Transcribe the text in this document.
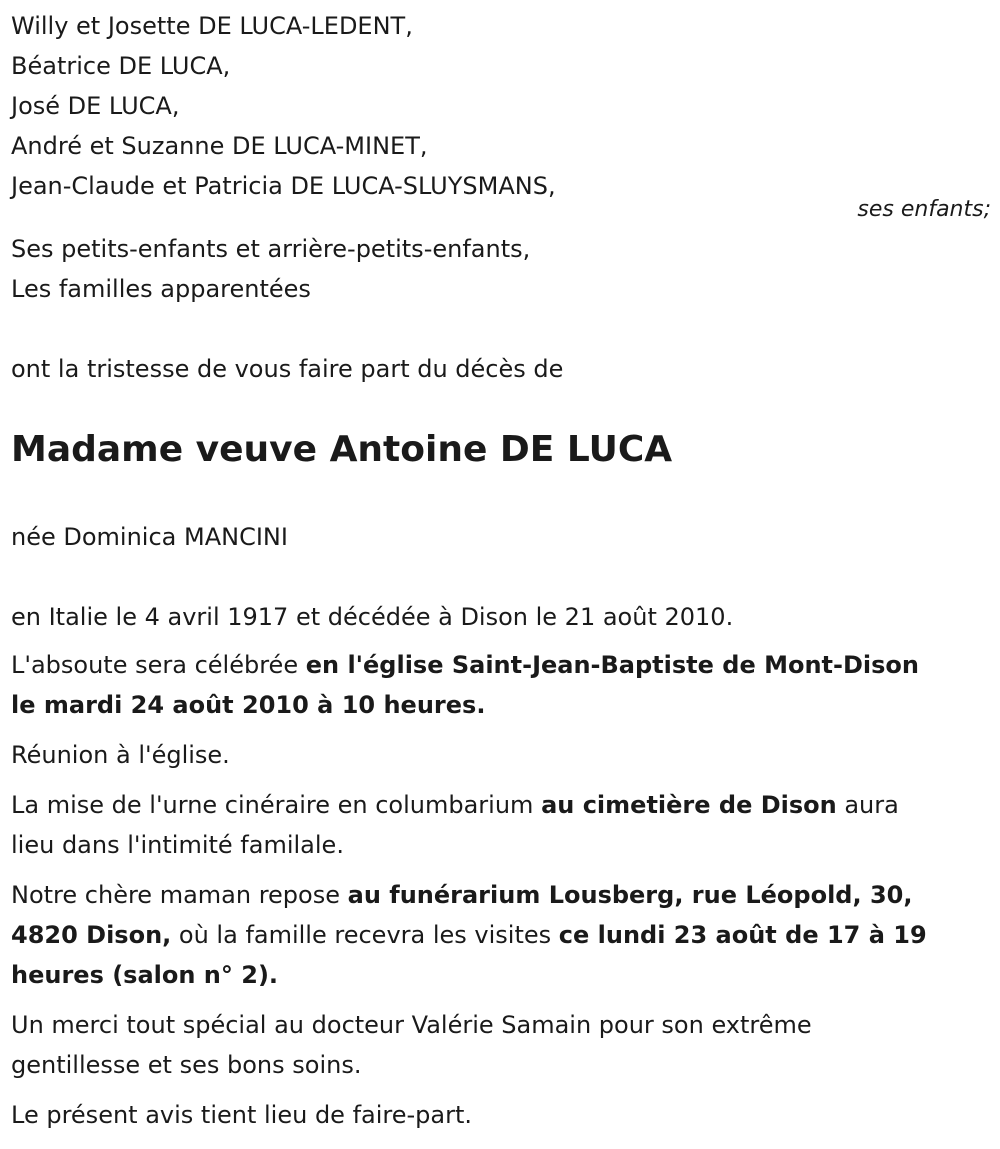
Willy et Josette DE LUCA-LEDENT,
Béatrice DE LUCA,
José DE LUCA,
André et Suzanne DE LUCA-MINET,
Jean-Claude et Patricia DE LUCA-SLUYSMANS,
ses enfants;
Ses petits-enfants et arrière-petits-enfants,
Les familles apparentées
ont la tristesse de vous faire part du décès de
Madame veuve Antoine DE LUCA
née Dominica MANCINI
en Italie le 4 avril 1917 et décédée à Dison le 21 août 2010.
L'absoute sera célébrée en l'église Saint-Jean-Baptiste de Mont-Dison
le mardi 24 août 2010 à 10 heures.
Réunion à l'église.
La mise de l'urne cinéraire en columbarium au cimetière de Dison aura
lieu dans l'intimité familale.
Notre chère maman repose au funérarium Lousberg, rue Léopold, 30,
4820 Dison, où la famille recevra les visites ce lundi 23 août de 17 à 19
heures (salon n° 2).
Un merci tout spécial au docteur Valérie Samain pour son extrême
gentillesse et ses bons soins.
Le présent avis tient lieu de faire-part.
